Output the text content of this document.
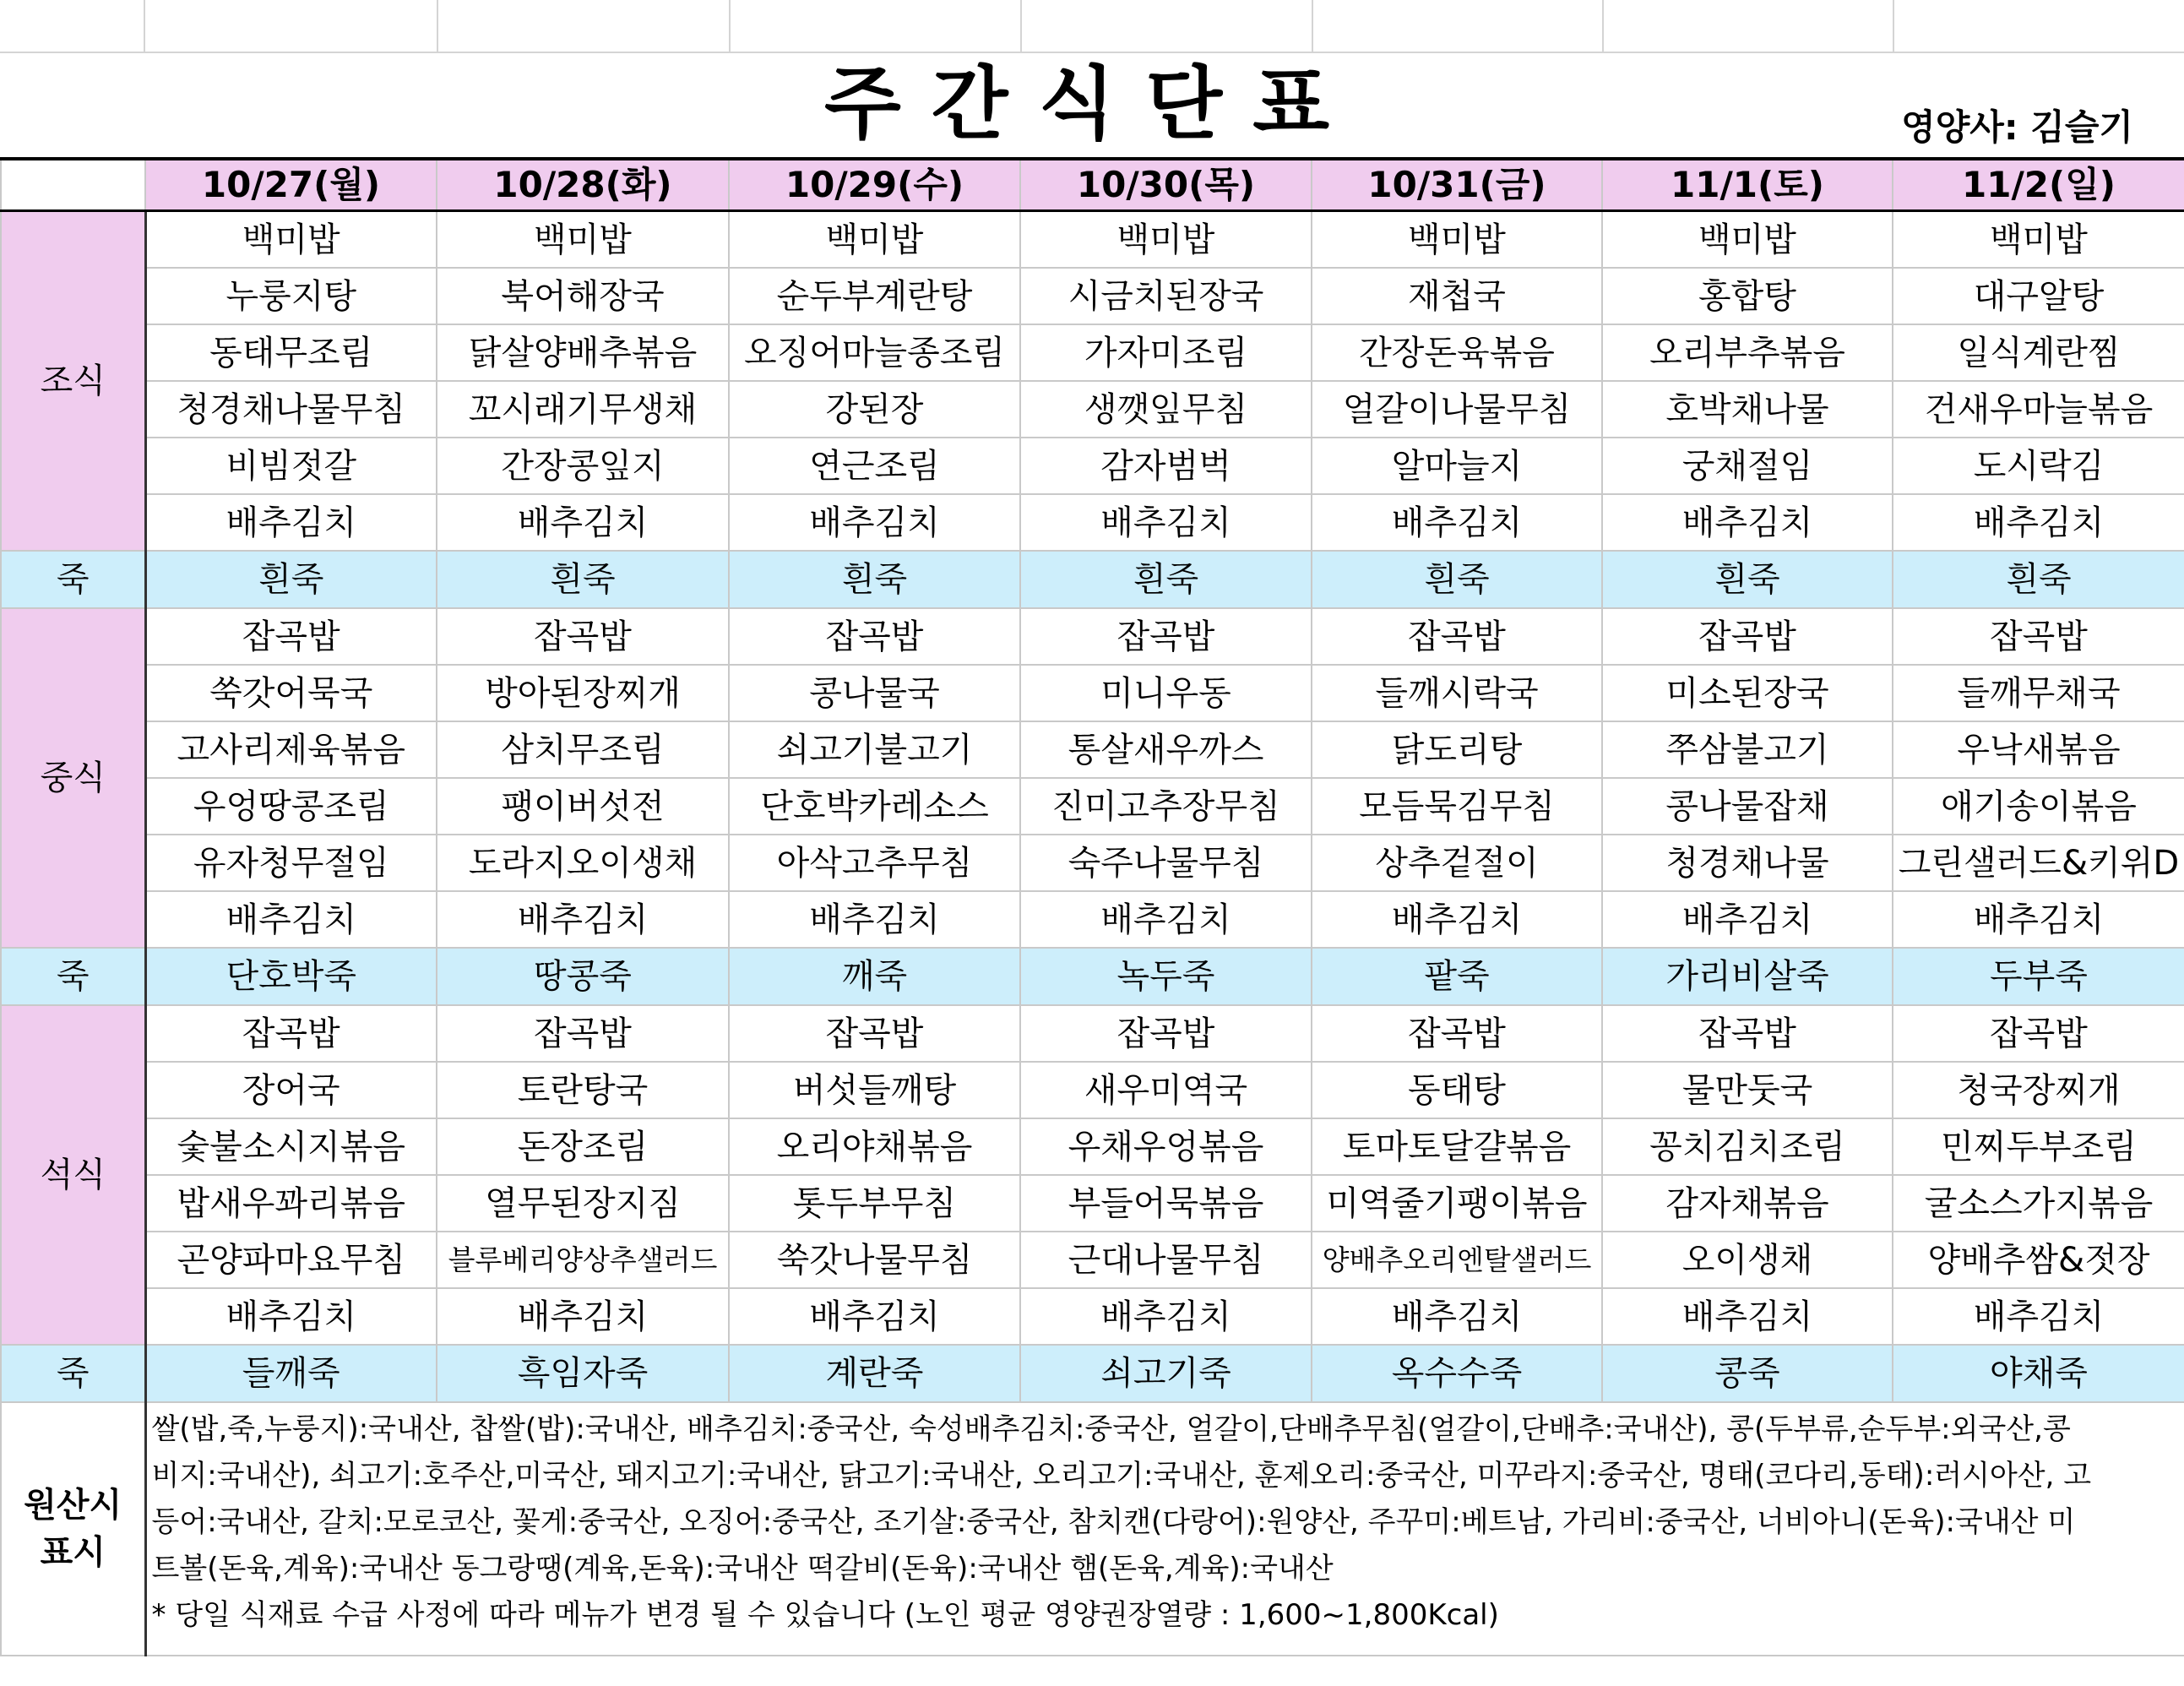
주간식단표	영양사: 김슬기
	10/27(월)	10/28(화)	10/29(수)	10/30(목)	10/31(금)	11/1(토)	11/2(일)
조식	백미밥	백미밥	백미밥	백미밥	백미밥	백미밥	백미밥
	누룽지탕	북어해장국	순두부계란탕	시금치된장국	재첩국	홍합탕	대구알탕
	동태무조림	닭살양배추볶음	오징어마늘종조림	가자미조림	간장돈육볶음	오리부추볶음	일식계란찜
	청경채나물무침	꼬시래기무생채	강된장	생깻잎무침	얼갈이나물무침	호박채나물	건새우마늘볶음
	비빔젓갈	간장콩잎지	연근조림	감자범벅	알마늘지	궁채절임	도시락김
	배추김치	배추김치	배추김치	배추김치	배추김치	배추김치	배추김치
죽	흰죽	흰죽	흰죽	흰죽	흰죽	흰죽	흰죽
중식	잡곡밥	잡곡밥	잡곡밥	잡곡밥	잡곡밥	잡곡밥	잡곡밥
	쑥갓어묵국	방아된장찌개	콩나물국	미니우동	들깨시락국	미소된장국	들깨무채국
	고사리제육볶음	삼치무조림	쇠고기불고기	통살새우까스	닭도리탕	쭈삼불고기	우낙새볶음
	우엉땅콩조림	팽이버섯전	단호박카레소스	진미고추장무침	모듬묵김무침	콩나물잡채	애기송이볶음
	유자청무절임	도라지오이생채	아삭고추무침	숙주나물무침	상추겉절이	청경채나물	그린샐러드&키위D
	배추김치	배추김치	배추김치	배추김치	배추김치	배추김치	배추김치
죽	단호박죽	땅콩죽	깨죽	녹두죽	팥죽	가리비살죽	두부죽
석식	잡곡밥	잡곡밥	잡곡밥	잡곡밥	잡곡밥	잡곡밥	잡곡밥
	장어국	토란탕국	버섯들깨탕	새우미역국	동태탕	물만둣국	청국장찌개
	숯불소시지볶음	돈장조림	오리야채볶음	우채우엉볶음	토마토달걀볶음	꽁치김치조림	민찌두부조림
	밥새우꽈리볶음	열무된장지짐	톳두부무침	부들어묵볶음	미역줄기팽이볶음	감자채볶음	굴소스가지볶음
	곤양파마요무침	블루베리양상추샐러드	쑥갓나물무침	근대나물무침	양배추오리엔탈샐러드	오이생채	양배추쌈&젓장
	배추김치	배추김치	배추김치	배추김치	배추김치	배추김치	배추김치
죽	들깨죽	흑임자죽	계란죽	쇠고기죽	옥수수죽	콩죽	야채죽

원산시
표시	쌀(밥,죽,누룽지):국내산, 찹쌀(밥):국내산, 배추김치:중국산, 숙성배추김치:중국산, 얼갈이,단배추무침(얼갈이,단배추:국내산), 콩(두부류,순두부:외국산,콩
비지:국내산), 쇠고기:호주산,미국산, 돼지고기:국내산, 닭고기:국내산, 오리고기:국내산, 훈제오리:중국산, 미꾸라지:중국산, 명태(코다리,동태):러시아산, 고
등어:국내산, 갈치:모로코산, 꽃게:중국산, 오징어:중국산, 조기살:중국산, 참치캔(다랑어):원양산, 주꾸미:베트남, 가리비:중국산, 너비아니(돈육):국내산 미
트볼(돈육,계육):국내산 동그랑땡(계육,돈육):국내산 떡갈비(돈육):국내산 햄(돈육,계육):국내산
* 당일 식재료 수급 사정에 따라 메뉴가 변경 될 수 있습니다 (노인 평균 영양권장열량 : 1,600~1,800Kcal)						
